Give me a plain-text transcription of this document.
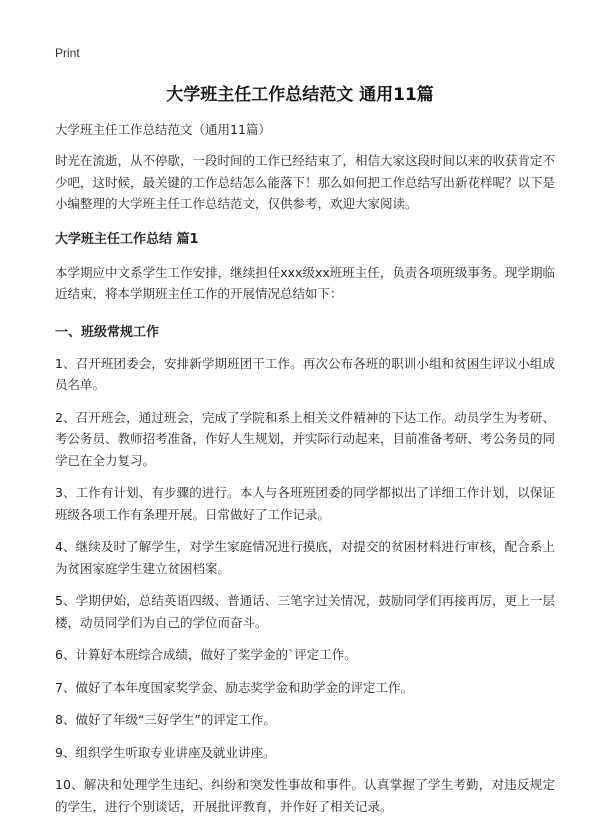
Print
大学班主任工作总结范文 通用11篇
大学班主任工作总结范文（通用11篇）

时光在流逝，从不停歇，一段时间的工作已经结束了，相信大家这段时间以来的收获肯定不少吧，这时候，最关键的工作总结怎么能落下！那么如何把工作总结写出新花样呢？以下是小编整理的大学班主任工作总结范文，仅供参考，欢迎大家阅读。

大学班主任工作总结 篇1

本学期应中文系学生工作安排，继续担任xxx级xx班班主任，负责各项班级事务。现学期临近结束，将本学期班主任工作的开展情况总结如下：

一、班级常规工作

1、召开班团委会，安排新学期班团干工作。再次公布各班的职训小组和贫困生评议小组成员名单。

2、召开班会，通过班会，完成了学院和系上相关文件精神的下达工作。动员学生为考研、考公务员、教师招考准备，作好人生规划，并实际行动起来，目前准备考研、考公务员的同学已在全力复习。

3、工作有计划、有步骤的进行。本人与各班班团委的同学都拟出了详细工作计划，以保证班级各项工作有条理开展。日常做好了工作记录。

4、继续及时了解学生，对学生家庭情况进行摸底，对提交的贫困材料进行审核，配合系上为贫困家庭学生建立贫困档案。

5、学期伊始，总结英语四级、普通话、三笔字过关情况，鼓励同学们再接再厉，更上一层楼，动员同学们为自己的学位而奋斗。

6、计算好本班综合成绩，做好了奖学金的`评定工作。

7、做好了本年度国家奖学金、励志奖学金和助学金的评定工作。

8、做好了年级“三好学生”的评定工作。

9、组织学生听取专业讲座及就业讲座。

10、解决和处理学生违纪、纠纷和突发性事故和事件。认真掌握了学生考勤，对违反规定的学生，进行个别谈话，开展批评教育，并作好了相关记录。
